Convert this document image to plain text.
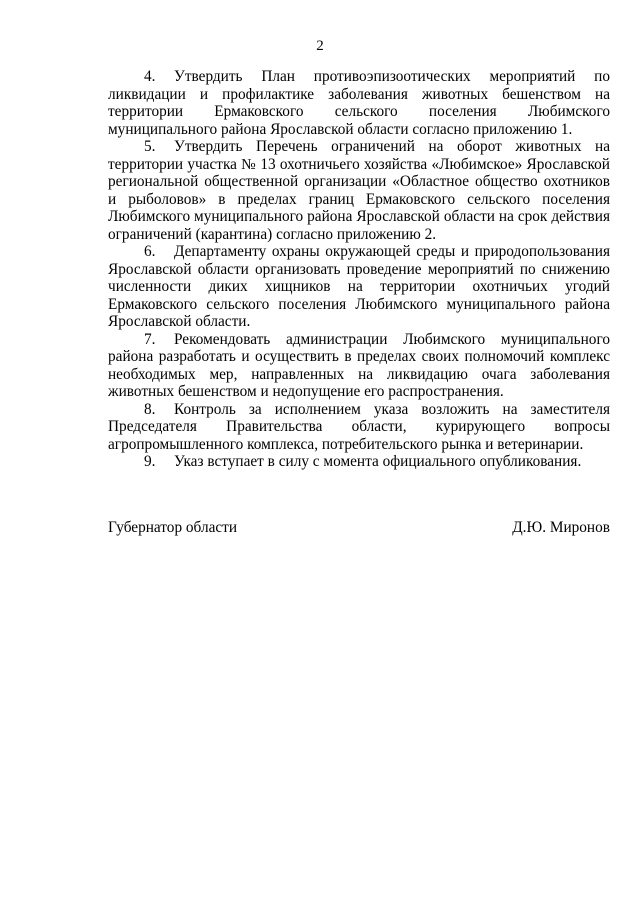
2

4. Утвердить План противоэпизоотических мероприятий по ликвидации и профилактике заболевания животных бешенством на территории Ермаковского сельского поселения Любимского муниципального района Ярославской области согласно приложению 1.

5. Утвердить Перечень ограничений на оборот животных на территории участка № 13 охотничьего хозяйства «Любимское» Ярославской региональной общественной организации «Областное общество охотников и рыболовов» в пределах границ Ермаковского сельского поселения Любимского муниципального района Ярославской области на срок действия ограничений (карантина) согласно приложению 2.

6. Департаменту охраны окружающей среды и природопользования Ярославской области организовать проведение мероприятий по снижению численности диких хищников на территории охотничьих угодий Ермаковского сельского поселения Любимского муниципального района Ярославской области.

7. Рекомендовать администрации Любимского муниципального района разработать и осуществить в пределах своих полномочий комплекс необходимых мер, направленных на ликвидацию очага заболевания животных бешенством и недопущение его распространения.

8. Контроль за исполнением указа возложить на заместителя Председателя Правительства области, курирующего вопросы агропромышленного комплекса, потребительского рынка и ветеринарии.

9. Указ вступает в силу с момента официального опубликования.

Губернатор области	Д.Ю. Миронов
